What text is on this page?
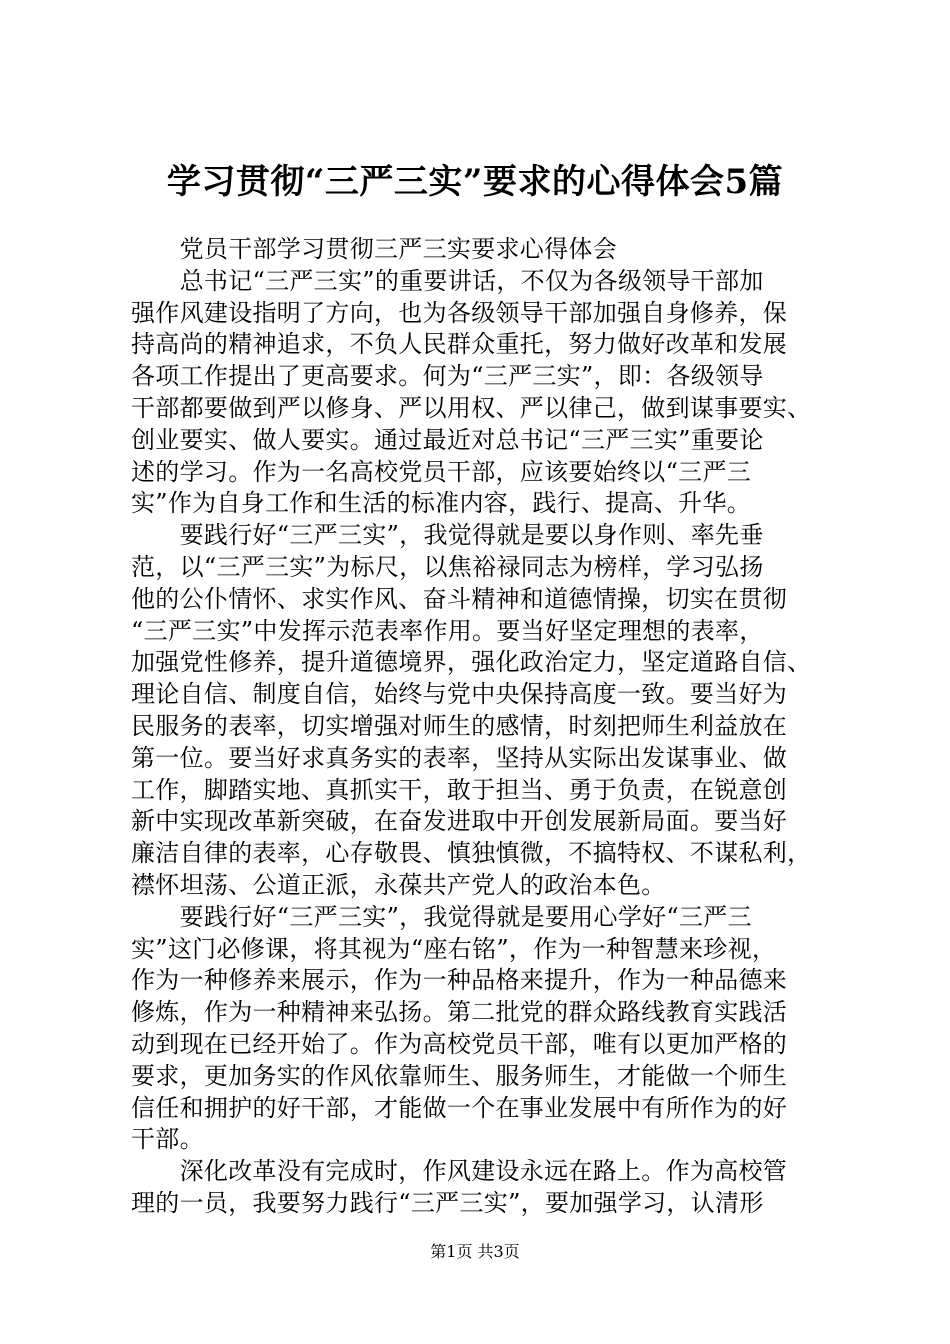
学习贯彻“三严三实”要求的心得体会5篇
　　党员干部学习贯彻三严三实要求心得体会
　　总书记“三严三实”的重要讲话，不仅为各级领导干部加
强作风建设指明了方向，也为各级领导干部加强自身修养，保
持高尚的精神追求，不负人民群众重托，努力做好改革和发展
各项工作提出了更高要求。何为“三严三实”，即：各级领导
干部都要做到严以修身、严以用权、严以律己，做到谋事要实、
创业要实、做人要实。通过最近对总书记“三严三实”重要论
述的学习。作为一名高校党员干部，应该要始终以“三严三
实”作为自身工作和生活的标准内容，践行、提高、升华。
　　要践行好“三严三实”，我觉得就是要以身作则、率先垂
范，以“三严三实”为标尺，以焦裕禄同志为榜样，学习弘扬
他的公仆情怀、求实作风、奋斗精神和道德情操，切实在贯彻
“三严三实”中发挥示范表率作用。要当好坚定理想的表率，
加强党性修养，提升道德境界，强化政治定力，坚定道路自信、
理论自信、制度自信，始终与党中央保持高度一致。要当好为
民服务的表率，切实增强对师生的感情，时刻把师生利益放在
第一位。要当好求真务实的表率，坚持从实际出发谋事业、做
工作，脚踏实地、真抓实干，敢于担当、勇于负责，在锐意创
新中实现改革新突破，在奋发进取中开创发展新局面。要当好
廉洁自律的表率，心存敬畏、慎独慎微，不搞特权、不谋私利，
襟怀坦荡、公道正派，永葆共产党人的政治本色。
　　要践行好“三严三实”，我觉得就是要用心学好“三严三
实”这门必修课，将其视为“座右铭”，作为一种智慧来珍视，
作为一种修养来展示，作为一种品格来提升，作为一种品德来
修炼，作为一种精神来弘扬。第二批党的群众路线教育实践活
动到现在已经开始了。作为高校党员干部，唯有以更加严格的
要求，更加务实的作风依靠师生、服务师生，才能做一个师生
信任和拥护的好干部，才能做一个在事业发展中有所作为的好
干部。
　　深化改革没有完成时，作风建设永远在路上。作为高校管
理的一员，我要努力践行“三严三实”，要加强学习，认清形
第1页 共3页
